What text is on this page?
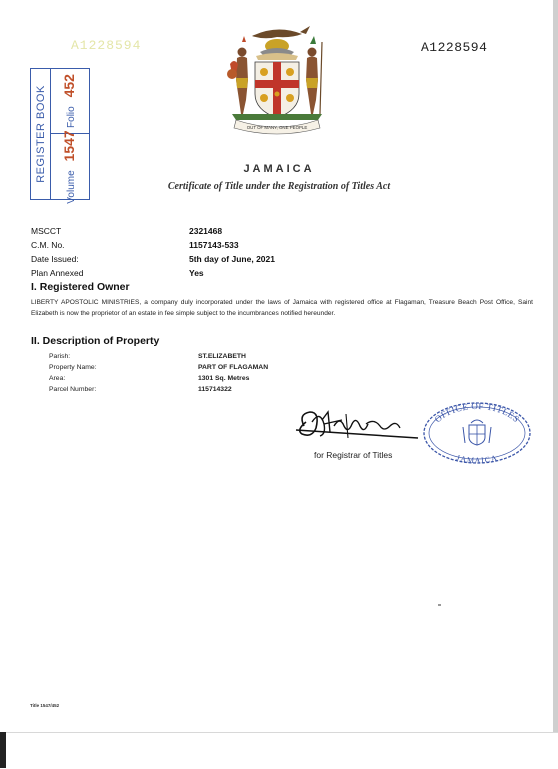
A1228594	A1228594
OUT OF MANY, ONE PEOPLE
REGISTER BOOK	Folio  452
Volume  1547
JAMAICA
Certificate of Title under the Registration of Titles Act
MSCCT	2321468
C.M. No.	1157143-533
Date Issued:	5th day of June, 2021
Plan Annexed	Yes
I. Registered Owner
LIBERTY APOSTOLIC MINISTRIES, a company duly incorporated under the laws of Jamaica with registered office at Flagaman, Treasure Beach Post Office, Saint Elizabeth is now the proprietor of an estate in fee simple subject to the incumbrances notified hereunder.
II. Description of Property
Parish:	ST.ELIZABETH
Property Name:	PART OF FLAGAMAN
Area:	1301 Sq. Metres
Parcel Number:	115714322
for Registrar of Titles
OFFICE OF TITLES
JAMAICA
Title 1547/452
